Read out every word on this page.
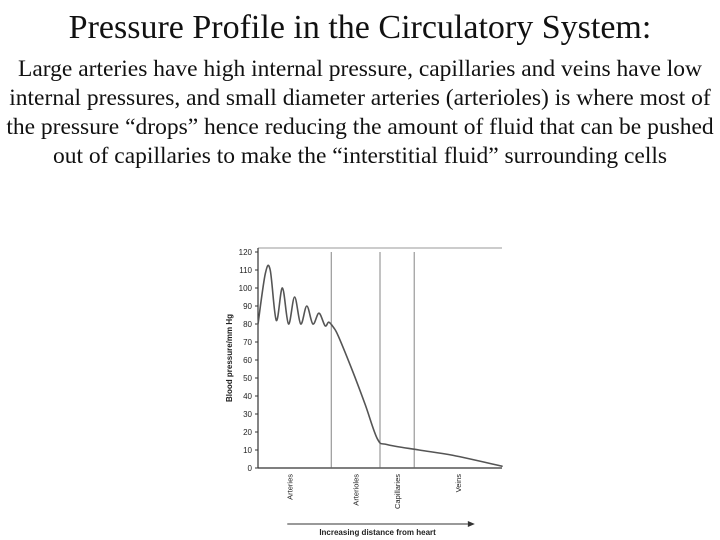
Pressure Profile in the Circulatory System:
Large arteries have high internal pressure, capillaries and veins have low internal pressures, and small diameter arteries (arterioles) is where most of the pressure “drops” hence reducing the amount of fluid that can be pushed out of capillaries to make the “interstitial fluid” surrounding cells
0
10
20
30
40
50
60
70
80
90
100
110
120
Arteries	Arterioles	Capillaries	Veins
Blood pressure/mm Hg
Increasing distance from heart
